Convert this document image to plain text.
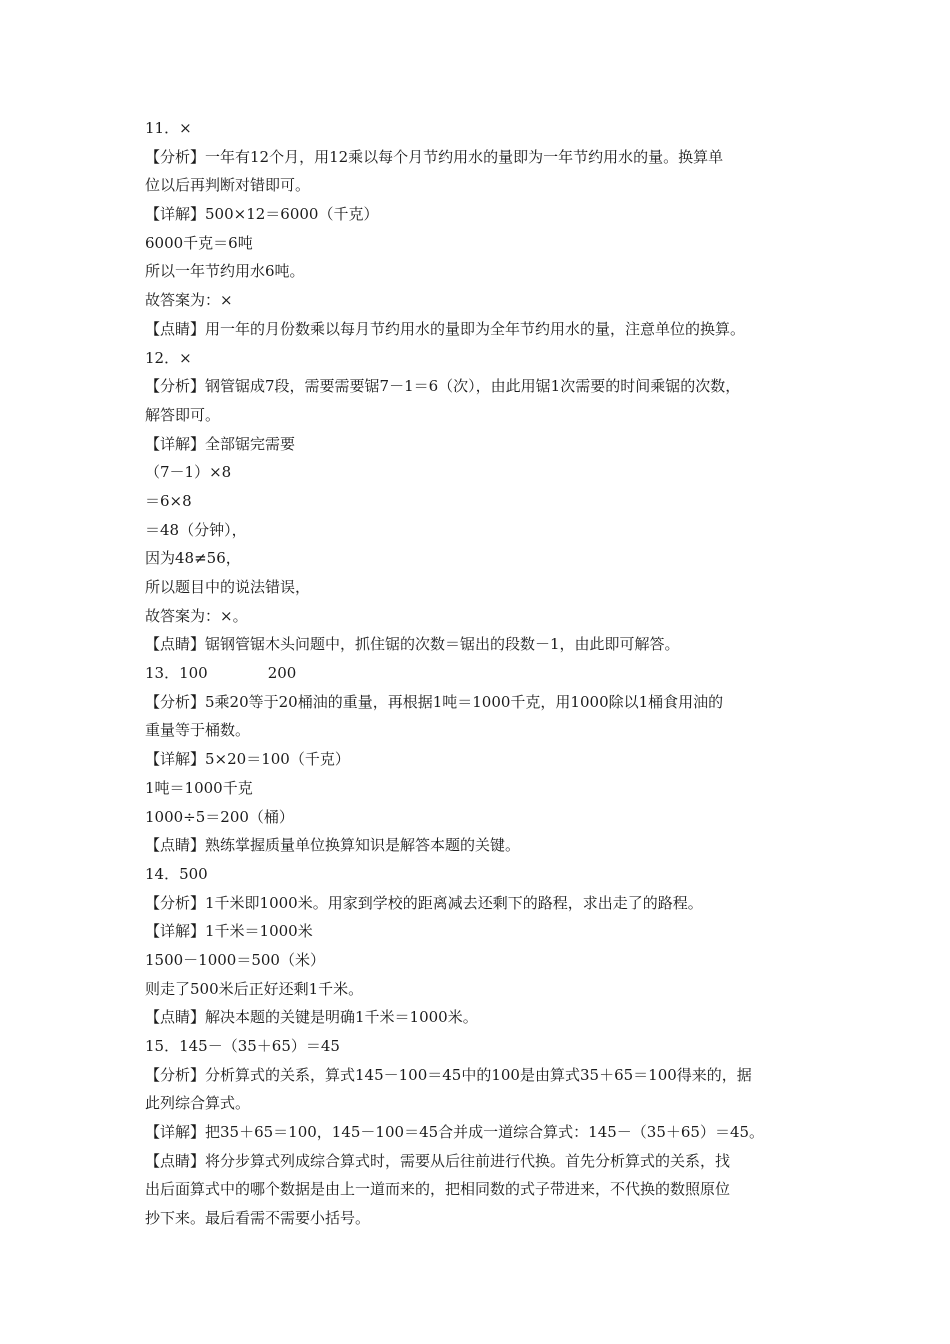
11．×
【分析】一年有12个月，用12乘以每个月节约用水的量即为一年节约用水的量。换算单
位以后再判断对错即可。
【详解】500×12＝6000（千克）
6000千克＝6吨
所以一年节约用水6吨。
故答案为：×
【点睛】用一年的月份数乘以每月节约用水的量即为全年节约用水的量，注意单位的换算。
12．×
【分析】钢管锯成7段，需要需要锯7－1＝6（次），由此用锯1次需要的时间乘锯的次数，
解答即可。
【详解】全部锯完需要
（7－1）×8
＝6×8
＝48（分钟），
因为48≠56，
所以题目中的说法错误，
故答案为：×。
【点睛】锯钢管锯木头问题中，抓住锯的次数＝锯出的段数－1，由此即可解答。
13．100　　　　200
【分析】5乘20等于20桶油的重量，再根据1吨＝1000千克，用1000除以1桶食用油的
重量等于桶数。
【详解】5×20＝100（千克）
1吨＝1000千克
1000÷5＝200（桶）
【点睛】熟练掌握质量单位换算知识是解答本题的关键。
14．500
【分析】1千米即1000米。用家到学校的距离减去还剩下的路程，求出走了的路程。
【详解】1千米＝1000米
1500－1000＝500（米）
则走了500米后正好还剩1千米。
【点睛】解决本题的关键是明确1千米＝1000米。
15．145－（35＋65）＝45
【分析】分析算式的关系，算式145－100＝45中的100是由算式35＋65＝100得来的，据
此列综合算式。
【详解】把35＋65＝100，145－100＝45合并成一道综合算式：145－（35＋65）＝45。
【点睛】将分步算式列成综合算式时，需要从后往前进行代换。首先分析算式的关系，找
出后面算式中的哪个数据是由上一道而来的，把相同数的式子带进来，不代换的数照原位
抄下来。最后看需不需要小括号。
